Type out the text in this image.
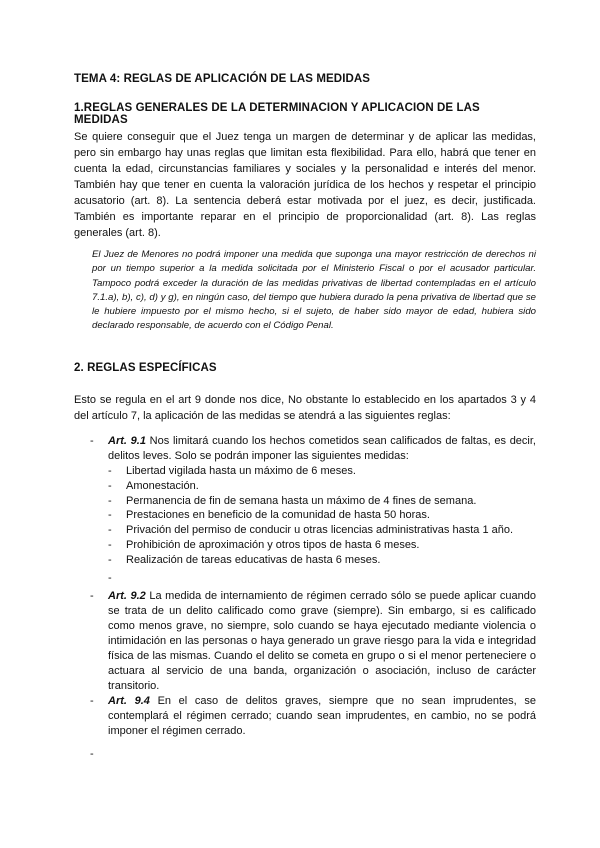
TEMA 4: REGLAS DE APLICACIÓN DE LAS MEDIDAS
1.REGLAS GENERALES DE LA DETERMINACION Y APLICACION DE LAS MEDIDAS
Se quiere conseguir que el Juez tenga un margen de determinar y de aplicar las medidas, pero sin embargo hay unas reglas que limitan esta flexibilidad. Para ello, habrá que tener en cuenta la edad, circunstancias familiares y sociales y la personalidad e interés del menor. También hay que tener en cuenta la valoración jurídica de los hechos y respetar el principio acusatorio (art. 8). La sentencia deberá estar motivada por el juez, es decir, justificada. También es importante reparar en el principio de proporcionalidad (art. 8). Las reglas generales (art. 8).
El Juez de Menores no podrá imponer una medida que suponga una mayor restricción de derechos ni por un tiempo superior a la medida solicitada por el Ministerio Fiscal o por el acusador particular. Tampoco podrá exceder la duración de las medidas privativas de libertad contempladas en el artículo 7.1.a), b), c), d) y g), en ningún caso, del tiempo que hubiera durado la pena privativa de libertad que se le hubiere impuesto por el mismo hecho, si el sujeto, de haber sido mayor de edad, hubiera sido declarado responsable, de acuerdo con el Código Penal.
2. REGLAS ESPECÍFICAS
Esto se regula en el art 9 donde nos dice, No obstante lo establecido en los apartados 3 y 4 del artículo 7, la aplicación de las medidas se atendrá a las siguientes reglas:
- Art. 9.1 Nos limitará cuando los hechos cometidos sean calificados de faltas, es decir, delitos leves. Solo se podrán imponer las siguientes medidas:
- Libertad vigilada hasta un máximo de 6 meses.
- Amonestación.
- Permanencia de fin de semana hasta un máximo de 4 fines de semana.
- Prestaciones en beneficio de la comunidad de hasta 50 horas.
- Privación del permiso de conducir u otras licencias administrativas hasta 1 año.
- Prohibición de aproximación y otros tipos de hasta 6 meses.
- Realización de tareas educativas de hasta 6 meses.
-
- Art. 9.2 La medida de internamiento de régimen cerrado sólo se puede aplicar cuando se trata de un delito calificado como grave (siempre). Sin embargo, si es calificado como menos grave, no siempre, solo cuando se haya ejecutado mediante violencia o intimidación en las personas o haya generado un grave riesgo para la vida e integridad física de las mismas. Cuando el delito se cometa en grupo o si el menor perteneciere o actuara al servicio de una banda, organización o asociación, incluso de carácter transitorio.
- Art. 9.4 En el caso de delitos graves, siempre que no sean imprudentes, se contemplará el régimen cerrado; cuando sean imprudentes, en cambio, no se podrá imponer el régimen cerrado.
-
